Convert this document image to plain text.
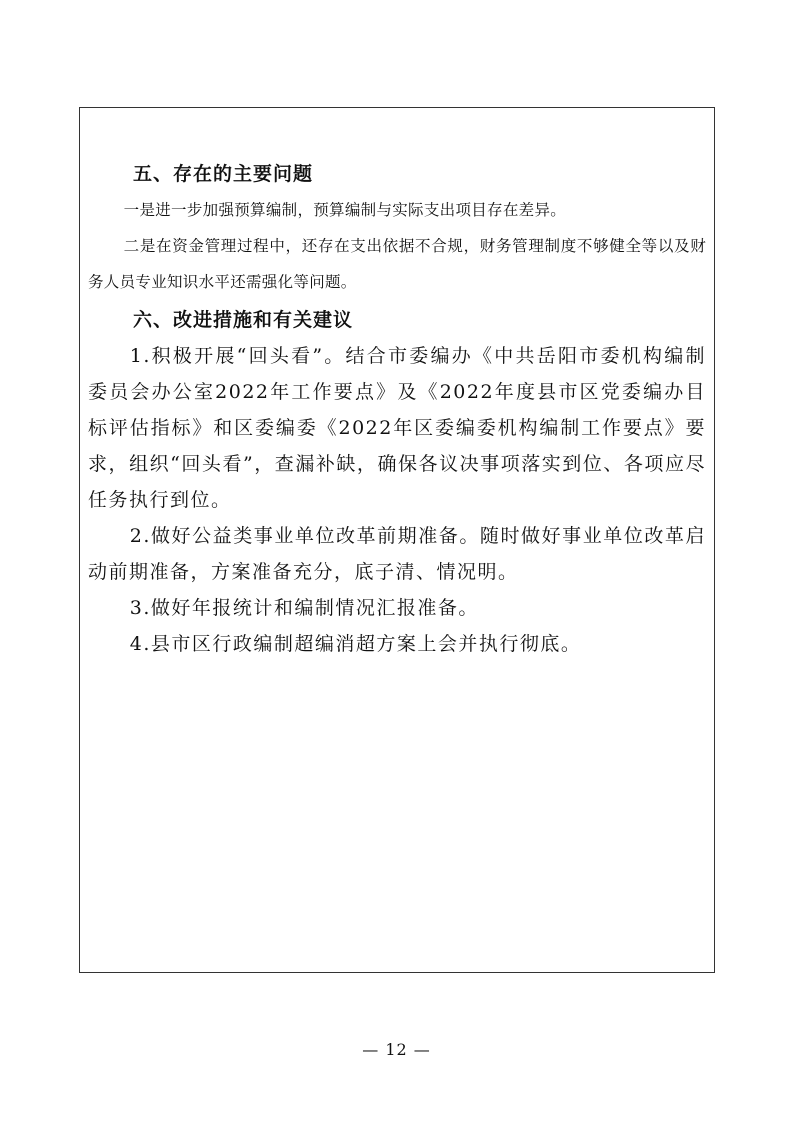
五、存在的主要问题

一是进一步加强预算编制，预算编制与实际支出项目存在差异。

二是在资金管理过程中，还存在支出依据不合规，财务管理制度不够健全等以及财务人员专业知识水平还需强化等问题。

六、改进措施和有关建议

1.积极开展“回头看”。结合市委编办《中共岳阳市委机构编制委员会办公室2022年工作要点》及《2022年度县市区党委编办目标评估指标》和区委编委《2022年区委编委机构编制工作要点》要求，组织“回头看”，查漏补缺，确保各议决事项落实到位、各项应尽任务执行到位。

2.做好公益类事业单位改革前期准备。随时做好事业单位改革启动前期准备，方案准备充分，底子清、情况明。

3.做好年报统计和编制情况汇报准备。

4.县市区行政编制超编消超方案上会并执行彻底。

— 12 —
